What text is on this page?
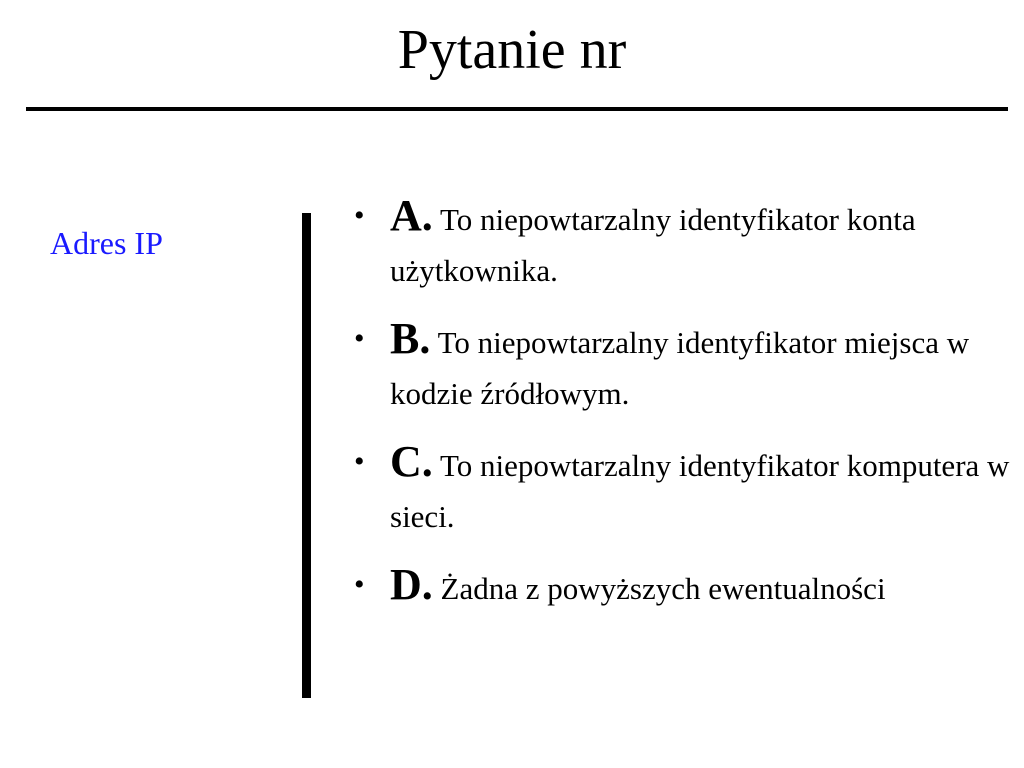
Pytanie nr
Adres IP
• A. To niepowtarzalny identyfikator konta użytkownika.
• B. To niepowtarzalny identyfikator miejsca w kodzie źródłowym.
• C. To niepowtarzalny identyfikator komputera w sieci.
• D. Żadna z powyższych ewentualności
